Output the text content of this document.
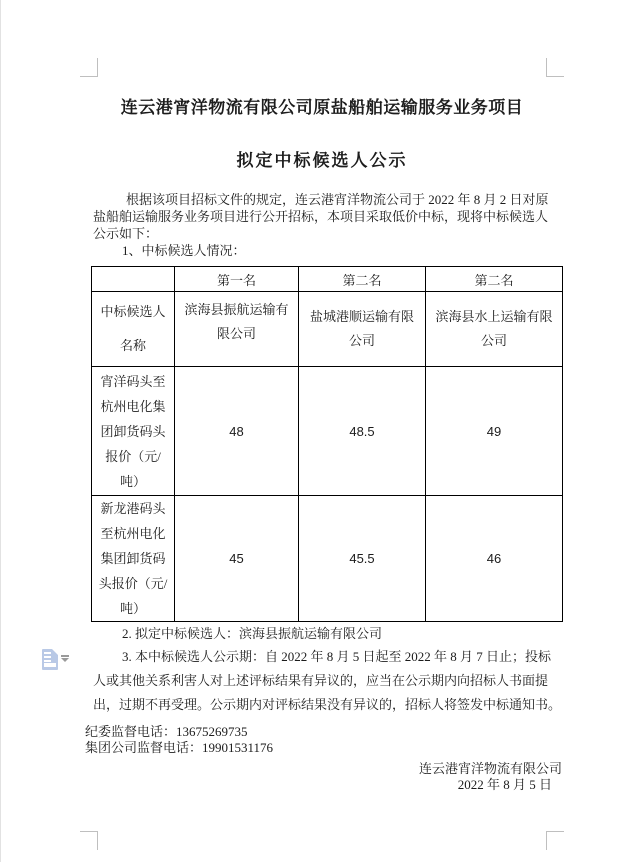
连云港宵洋物流有限公司原盐船舶运输服务业务项目
拟定中标候选人公示
根据该项目招标文件的规定，连云港宵洋物流公司于 2022 年 8 月 2 日对原
盐船舶运输服务业务项目进行公开招标，本项目采取低价中标，现将中标候选人
公示如下：
1、中标候选人情况：
	第一名	第二名	第二名
中标候选人名称	滨海县振航运输有限公司	盐城港顺运输有限公司	滨海县水上运输有限公司
宵洋码头至杭州电化集团卸货码头报价（元/吨）	48	48.5	49
新龙港码头至杭州电化集团卸货码头报价（元/吨）	45	45.5	46
2. 拟定中标候选人：滨海县振航运输有限公司
3. 本中标候选人公示期：自 2022 年 8 月 5 日起至 2022 年 8 月 7 日止；投标
人或其他关系利害人对上述评标结果有异议的，应当在公示期内向招标人书面提
出，过期不再受理。公示期内对评标结果没有异议的，招标人将签发中标通知书。
纪委监督电话：13675269735
集团公司监督电话：19901531176
连云港宵洋物流有限公司
2022 年 8 月 5 日
